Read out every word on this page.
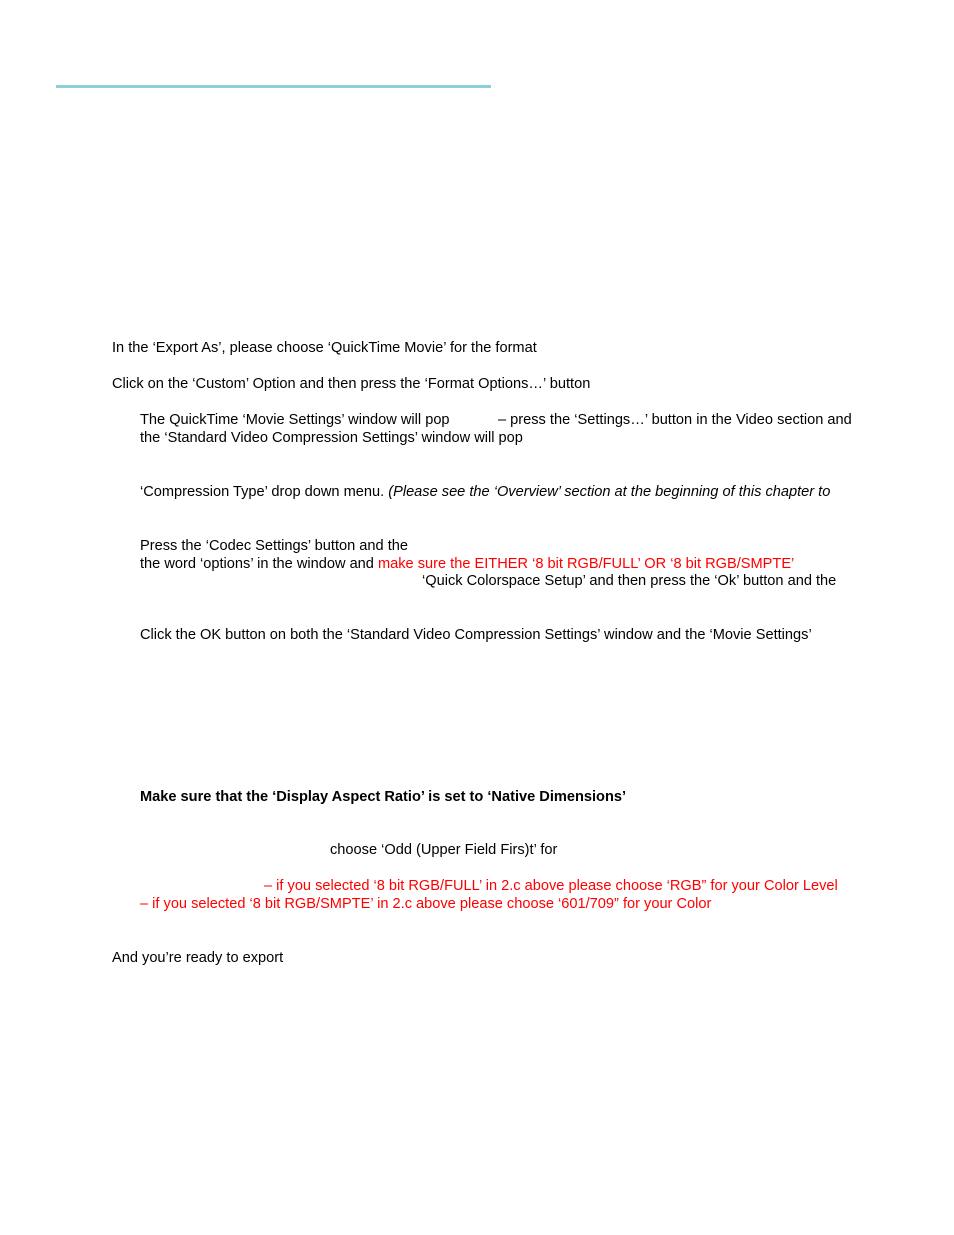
In the ‘Export As’, please choose ‘QuickTime Movie’ for the format
Click on the ‘Custom’ Option and then press the ‘Format Options…’ button
The QuickTime ‘Movie Settings’ window will pop	– press the ‘Settings…’ button in the Video section and
the ‘Standard Video Compression Settings’ window will pop
‘Compression Type’ drop down menu. (Please see the ‘Overview’ section at the beginning of this chapter to
Press the ‘Codec Settings’ button and the
the word ‘options’ in the window and make sure the EITHER ‘8 bit RGB/FULL’ OR ‘8 bit RGB/SMPTE’
‘Quick Colorspace Setup’ and then press the ‘Ok’ button and the
Click the OK button on both the ‘Standard Video Compression Settings’ window and the ‘Movie Settings’
Make sure that the ‘Display Aspect Ratio’ is set to ‘Native Dimensions’
choose ‘Odd (Upper Field Firs)t’ for
– if you selected ‘8 bit RGB/FULL’ in 2.c above please choose ‘RGB” for your Color Level
– if you selected ‘8 bit RGB/SMPTE’ in 2.c above please choose ‘601/709” for your Color
And you’re ready to export
